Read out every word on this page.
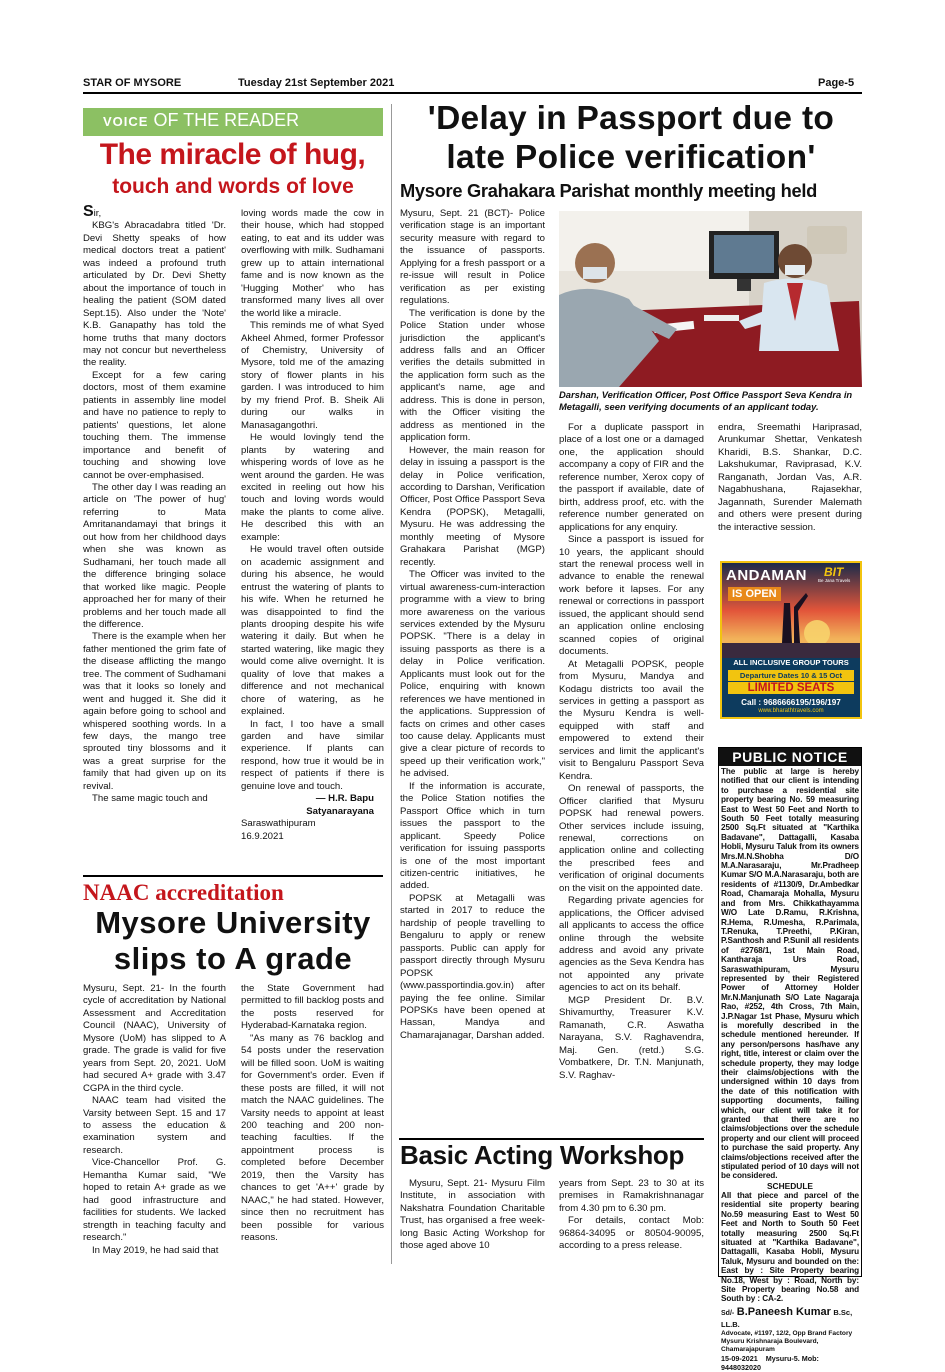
STAR OF MYSORE	Tuesday 21st September 2021	Page-5
VOICE OF THE READER
The miracle of hug,
touch and words of love

Sir,

KBG's Abracadabra titled 'Dr. Devi Shetty speaks of how medical doctors treat a patient' was indeed a profound truth articulated by Dr. Devi Shetty about the importance of touch in healing the patient (SOM dated Sept.15). Also under the 'Note' K.B. Ganapathy has told the home truths that many doctors may not concur but nevertheless the reality.

Except for a few caring doctors, most of them examine patients in assembly line model and have no patience to reply to patients' questions, let alone touching them. The immense importance and benefit of touching and showing love cannot be over-emphasised.

The other day I was reading an article on 'The power of hug' referring to Mata Amritanandamayi that brings it out how from her childhood days when she was known as Sudhamani, her touch made all the difference bringing solace that worked like magic. People approached her for many of their problems and her touch made all the difference.

There is the example when her father mentioned the grim fate of the disease afflicting the mango tree. The comment of Sudhamani was that it looks so lonely and went and hugged it. She did it again before going to school and whispered soothing words. In a few days, the mango tree sprouted tiny blossoms and it was a great surprise for the family that had given up on its revival.

The same magic touch and

loving words made the cow in their house, which had stopped eating, to eat and its udder was overflowing with milk. Sudhamani grew up to attain international fame and is now known as the 'Hugging Mother' who has transformed many lives all over the world like a miracle.

This reminds me of what Syed Akheel Ahmed, former Professor of Chemistry, University of Mysore, told me of the amazing story of flower plants in his garden. I was introduced to him by my friend Prof. B. Sheik Ali during our walks in Manasagangothri.

He would lovingly tend the plants by watering and whispering words of love as he went around the garden. He was excited in reeling out how his touch and loving words would make the plants to come alive. He described this with an example:

He would travel often outside on academic assignment and during his absence, he would entrust the watering of plants to his wife. When he returned he was disappointed to find the plants drooping despite his wife watering it daily. But when he started watering, like magic they would come alive overnight. It is quality of love that makes a difference and not mechanical chore of watering, as he explained.

In fact, I too have a small garden and have similar experience. If plants can respond, how true it would be in respect of patients if there is genuine love and touch.

— H.R. Bapu Satyanarayana

Saraswathipuram

16.9.2021

NAAC accreditation
Mysore University
slips to A grade

Mysuru, Sept. 21- In the fourth cycle of accreditation by National Assessment and Accreditation Council (NAAC), University of Mysore (UoM) has slipped to A grade. The grade is valid for five years from Sept. 20, 2021. UoM had secured A+ grade with 3.47 CGPA in the third cycle.

NAAC team had visited the Varsity between Sept. 15 and 17 to assess the education & examination system and research.

Vice-Chancellor Prof. G. Hemantha Kumar said, "We hoped to retain A+ grade as we had good infrastructure and facilities for students. We lacked strength in teaching faculty and research."

In May 2019, he had said that

the State Government had permitted to fill backlog posts and the posts reserved for Hyderabad-Karnataka region.

"As many as 76 backlog and 54 posts under the reservation will be filled soon. UoM is waiting for Government's order. Even if these posts are filled, it will not match the NAAC guidelines. The Varsity needs to appoint at least 200 teaching and 200 non-teaching faculties. If the appointment process is completed before December 2019, then the Varsity has chances to get 'A++' grade by NAAC," he had stated. However, since then no recruitment has been possible for various reasons.

'Delay in Passport due to
late Police verification'
Mysore Grahakara Parishat monthly meeting held

Mysuru, Sept. 21 (BCT)- Police verification stage is an important security measure with regard to the issuance of passports. Applying for a fresh passport or a re-issue will result in Police verification as per existing regulations.

The verification is done by the Police Station under whose jurisdiction the applicant's address falls and an Officer verifies the details submitted in the application form such as the applicant's name, age and address. This is done in person, with the Officer visiting the address as mentioned in the application form.

However, the main reason for delay in issuing a passport is the delay in Police verification, according to Darshan, Verification Officer, Post Office Passport Seva Kendra (POPSK), Metagalli, Mysuru. He was addressing the monthly meeting of Mysore Grahakara Parishat (MGP) recently.

The Officer was invited to the virtual awareness-cum-interaction programme with a view to bring more awareness on the various services extended by the Mysuru POPSK. "There is a delay in issuing passports as there is a delay in Police verification. Applicants must look out for the Police, enquiring with known references we have mentioned in the applications. Suppression of facts on crimes and other cases too cause delay. Applicants must give a clear picture of records to speed up their verification work," he advised.

If the information is accurate, the Police Station notifies the Passport Office which in turn issues the passport to the applicant. Speedy Police verification for issuing passports is one of the most important citizen-centric initiatives, he added.

POPSK at Metagalli was started in 2017 to reduce the hardship of people travelling to Bengaluru to apply or renew passports. Public can apply for passport directly through Mysuru POPSK (www.passportindia.gov.in) after paying the fee online. Similar POPSKs have been opened at Hassan, Mandya and Chamarajanagar, Darshan added.

Darshan, Verification Officer, Post Office Passport Seva Kendra in Metagalli, seen verifying documents of an applicant today.

For a duplicate passport in place of a lost one or a damaged one, the application should accompany a copy of FIR and the reference number, Xerox copy of the passport if available, date of birth, address proof, etc. with the reference number generated on applications for any enquiry.

Since a passport is issued for 10 years, the applicant should start the renewal process well in advance to enable the renewal work before it lapses. For any renewal or corrections in passport issued, the applicant should send an application online enclosing scanned copies of original documents.

At Metagalli POPSK, people from Mysuru, Mandya and Kodagu districts too avail the services in getting a passport as the Mysuru Kendra is well-equipped with staff and empowered to extend their services and limit the applicant's visit to Bengaluru Passport Seva Kendra.

On renewal of passports, the Officer clarified that Mysuru POPSK had renewal powers. Other services include issuing, renewal, corrections on application online and collecting the prescribed fees and verification of original documents on the visit on the appointed date.

Regarding private agencies for applications, the Officer advised all applicants to access the office online through the website address and avoid any private agencies as the Seva Kendra has not appointed any private agencies to act on its behalf.

MGP President Dr. B.V. Shivamurthy, Treasurer K.V. Ramanath, C.R. Aswatha Narayana, S.V. Raghavendra, Maj. Gen. (retd.) S.G. Vombatkere, Dr. T.N. Manjunath, S.V. Raghav-

endra, Sreemathi Hariprasad, Arunkumar Shettar, Venkatesh Kharidi, B.S. Shankar, D.C. Lakshukumar, Raviprasad, K.V. Ranganath, Jordan Vas, A.R. Nagabhushana, Rajasekhar, Jagannath, Surender Malemath and others were present during the interactive session.

ANDAMAN
IS OPEN
BIT
Be Jana Travels
ALL INCLUSIVE GROUP TOURS
Departure Dates 10 & 15 Oct
LIMITED SEATS
Call : 9686666195/196/197
www.bharathtravels.com
PUBLIC NOTICE
The public at large is hereby notified that our client is intending to purchase a residential site property bearing No. 59 measuring East to West 50 Feet and North to South 50 Feet totally measuring 2500 Sq.Ft situated at "Karthika Badavane", Dattagalli, Kasaba Hobli, Mysuru Taluk from its owners Mrs.M.N.Shobha D/O M.A.Narasaraju, Mr.Pradheep Kumar S/O M.A.Narasaraju, both are residents of #1130/9, Dr.Ambedkar Road, Chamaraja Mohalla, Mysuru and from Mrs. Chikkathayamma W/O Late D.Ramu, R.Krishna, R.Hema, R.Umesha, R.Parimala, T.Renuka, T.Preethi, P.Kiran, P.Santhosh and P.Sunil all residents of #2768/1, 1st Main Road, Kantharaja Urs Road, Saraswathipuram, Mysuru represented by their Registered Power of Attorney Holder Mr.N.Manjunath S/O Late Nagaraja Rao, #252, 4th Cross, 7th Main, J.P.Nagar 1st Phase, Mysuru which is morefully described in the schedule mentioned hereunder. If any person/persons has/have any right, title, interest or claim over the schedule property, they may lodge their claims/objections with the undersigned within 10 days from the date of this notification with supporting documents, failing which, our client will take it for granted that there are no claims/objections over the schedule property and our client will proceed to purchase the said property. Any claims/objections received after the stipulated period of 10 days will not be considered.
SCHEDULE
All that piece and parcel of the residential site property bearing No.59 measuring East to West 50 Feet and North to South 50 Feet totally measuring 2500 Sq.Ft situated at "Karthika Badavane", Dattagalli, Kasaba Hobli, Mysuru Taluk, Mysuru and bounded on the: East by : Site Property bearing No.18, West by : Road, North by: Site Property bearing No.58 and South by : CA-2.
Sd/- B.Paneesh Kumar B.Sc, LL.B.
Advocate, #1197, 12/2, Opp Brand Factory
Mysuru Krishnaraja Boulevard, Chamarajapuram
15-09-2021 Mysuru-5. Mob: 9448032020
Basic Acting Workshop

Mysuru, Sept. 21- Mysuru Film Institute, in association with Nakshatra Foundation Charitable Trust, has organised a free week-long Basic Acting Workshop for those aged above 10

years from Sept. 23 to 30 at its premises in Ramakrishnanagar from 4.30 pm to 6.30 pm.

For details, contact Mob: 96864-34095 or 80504-90095, according to a press release.
